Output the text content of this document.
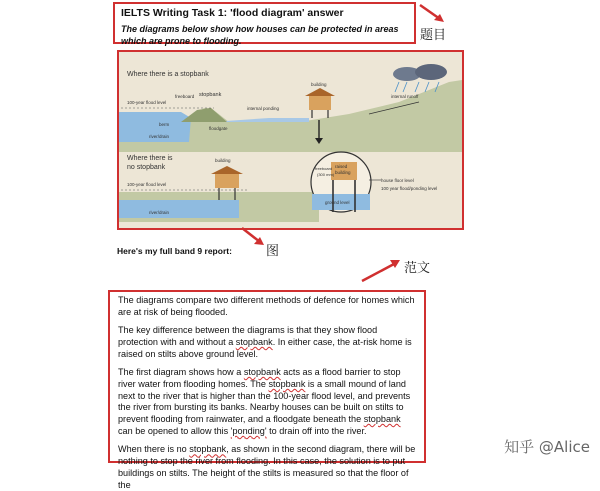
IELTS Writing Task 1: 'flood diagram' answer
The diagrams below show how houses can be protected in areas which are prone to flooding.	题目
Where there is a stopbank
freeboard stopbank
100-year flood level
berm
floodgate
river/drain
internal ponding
building
internal runoff
Where there is
no stopbank
building
100-year flood level
river/drain
freeboard
(300 mm)
raised
building
house floor level
100 year flood/ponding level
ground level
Here's my full band 9 report:	图
范文

The diagrams compare two different methods of defence for homes which are at risk of being flooded.

The key difference between the diagrams is that they show flood protection with and without a stopbank. In either case, the at-risk home is raised on stilts above ground level.

The first diagram shows how a stopbank acts as a flood barrier to stop river water from flooding homes. The stopbank is a small mound of land next to the river that is higher than the 100-year flood level, and prevents the river from bursting its banks. Nearby houses can be built on stilts to prevent flooding from rainwater, and a floodgate beneath the stopbank can be opened to allow this 'ponding' to drain off into the river.

When there is no stopbank, as shown in the second diagram, there will be nothing to stop the river from flooding. In this case, the solution is to put buildings on stilts. The height of the stilts is measured so that the floor of the

知乎 @Alice
